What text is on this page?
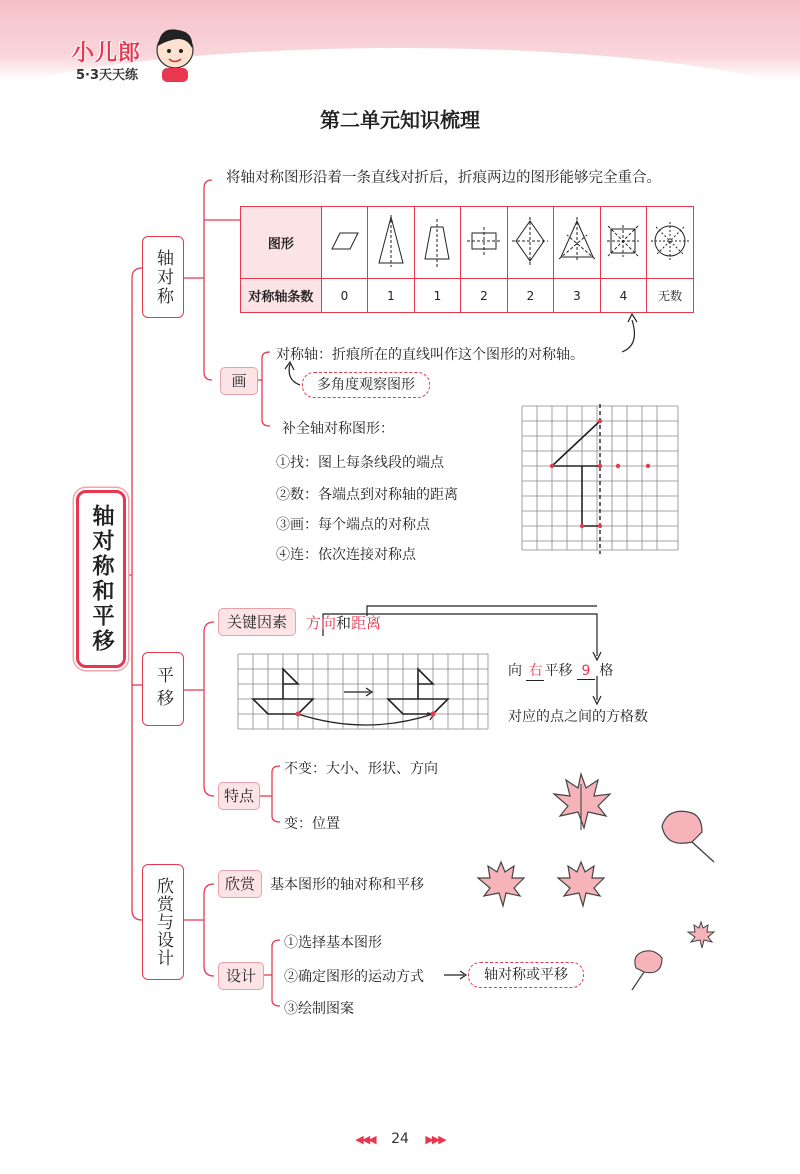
小儿郎
5·3天天练
第二单元知识梳理
轴对称和平移
轴对称
将轴对称图形沿着一条直线对折后，折痕两边的图形能够完全重合。
图形								
对称轴条数	0	1	1	2	2	3	4	无数
画
对称轴：折痕所在的直线叫作这个图形的对称轴。
多角度观察图形
补全轴对称图形：
①找：图上每条线段的端点
②数：各端点到对称轴的距离
③画：每个端点的对称点
④连：依次连接对称点
平移
关键因素	方向和距离
向 右 平移 9 格
对应的点之间的方格数
特点
不变：大小、形状、方向
变：位置
欣赏与设计	欣赏	基本图形的轴对称和平移
设计
①选择基本图形
②确定图形的运动方式
③绘制图案
轴对称或平移
◀◀◀ 24 ▶▶▶
